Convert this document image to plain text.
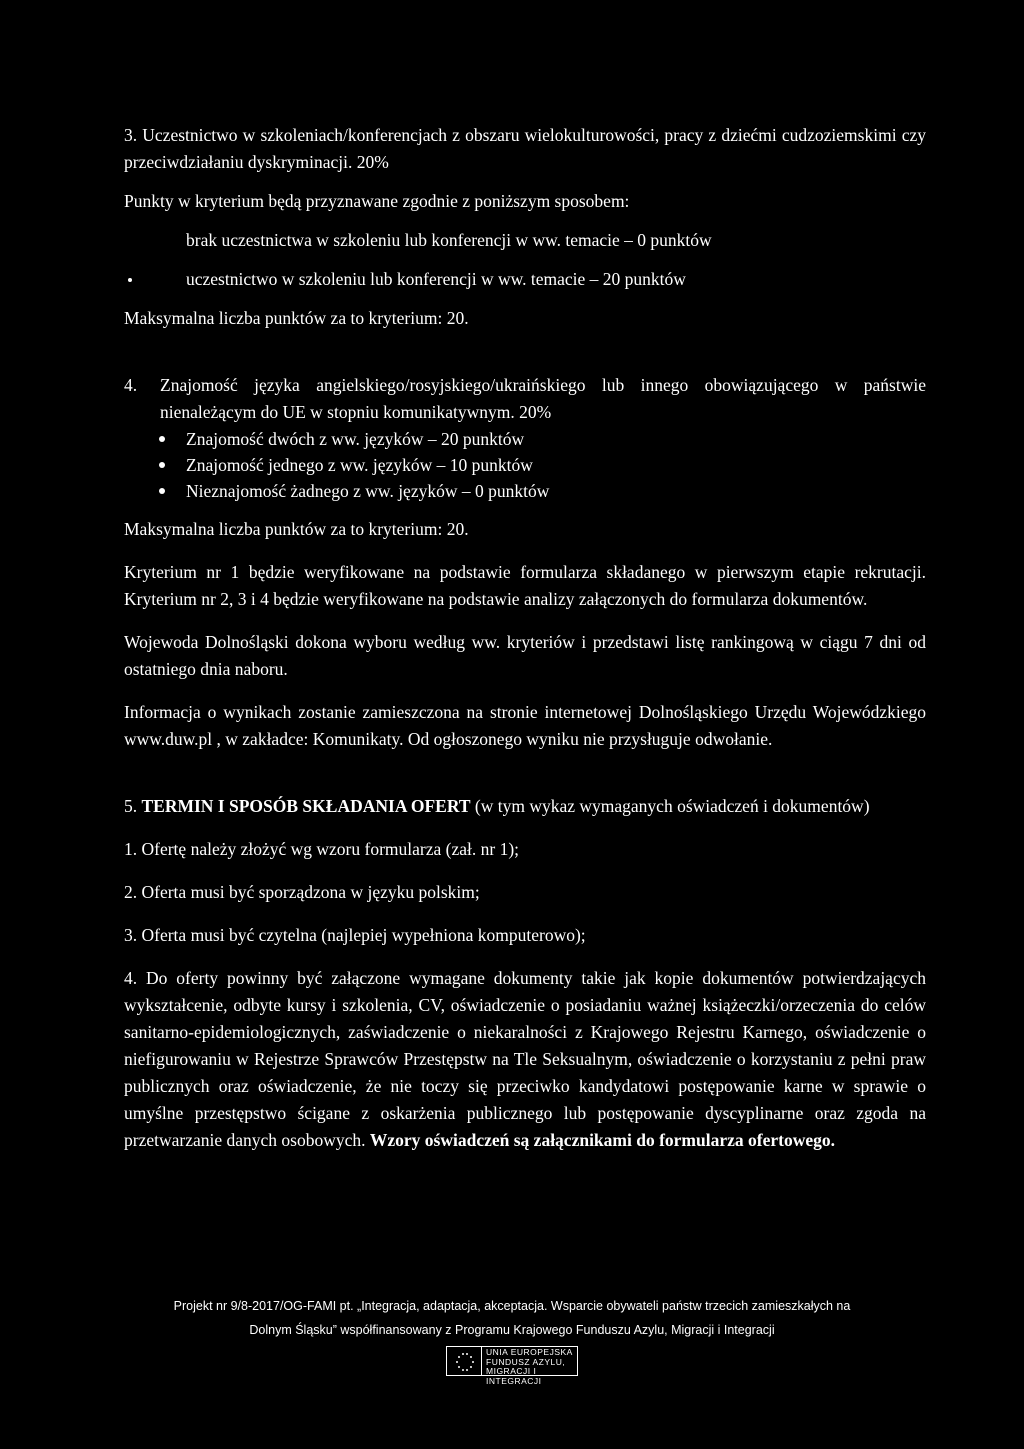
3. Uczestnictwo w szkoleniach/konferencjach z obszaru wielokulturowości, pracy z dziećmi cudzoziemskimi czy przeciwdziałaniu dyskryminacji. 20%

Punkty w kryterium będą przyznawane zgodnie z poniższym sposobem:

brak uczestnictwa w szkoleniu lub konferencji w ww. temacie – 0 punktów
uczestnictwo w szkoleniu lub konferencji w ww. temacie – 20 punktów

Maksymalna liczba punktów za to kryterium: 20.

4.	Znajomość języka angielskiego/rosyjskiego/ukraińskiego lub innego obowiązującego w państwie nienależącym do UE w stopniu komunikatywnym. 20%

Znajomość dwóch z ww. języków – 20 punktów
Znajomość jednego z ww. języków – 10 punktów
Nieznajomość żadnego z ww. języków – 0 punktów

Maksymalna liczba punktów za to kryterium: 20.

Kryterium nr 1 będzie weryfikowane na podstawie formularza składanego w pierwszym etapie rekrutacji. Kryterium nr 2, 3 i 4 będzie weryfikowane na podstawie analizy załączonych do formularza dokumentów.

Wojewoda Dolnośląski dokona wyboru według ww. kryteriów i przedstawi listę rankingową w ciągu 7 dni od ostatniego dnia naboru.

Informacja o wynikach zostanie zamieszczona na stronie internetowej Dolnośląskiego Urzędu Wojewódzkiego www.duw.pl , w zakładce: Komunikaty. Od ogłoszonego wyniku nie przysługuje odwołanie.

5. TERMIN I SPOSÓB SKŁADANIA OFERT (w tym wykaz wymaganych oświadczeń i dokumentów)

1. Ofertę należy złożyć wg wzoru formularza (zał. nr 1);

2. Oferta musi być sporządzona w języku polskim;

3. Oferta musi być czytelna (najlepiej wypełniona komputerowo);

4. Do oferty powinny być załączone wymagane dokumenty takie jak kopie dokumentów potwierdzających wykształcenie, odbyte kursy i szkolenia, CV, oświadczenie o posiadaniu ważnej książeczki/orzeczenia do celów sanitarno-epidemiologicznych, zaświadczenie o niekaralności z Krajowego Rejestru Karnego, oświadczenie o niefigurowaniu w Rejestrze Sprawców Przestępstw na Tle Seksualnym, oświadczenie o korzystaniu z pełni praw publicznych oraz oświadczenie, że nie toczy się przeciwko kandydatowi postępowanie karne w sprawie o umyślne przestępstwo ścigane z oskarżenia publicznego lub postępowanie dyscyplinarne oraz zgoda na przetwarzanie danych osobowych. Wzory oświadczeń są załącznikami do formularza ofertowego.

Projekt nr 9/8-2017/OG-FAMI pt. „Integracja, adaptacja, akceptacja. Wsparcie obywateli państw trzecich zamieszkałych na
Dolnym Śląsku” współfinansowany z Programu Krajowego Funduszu Azylu, Migracji i Integracji
UNIA EUROPEJSKA
FUNDUSZ AZYLU,
MIGRACJI I INTEGRACJI
